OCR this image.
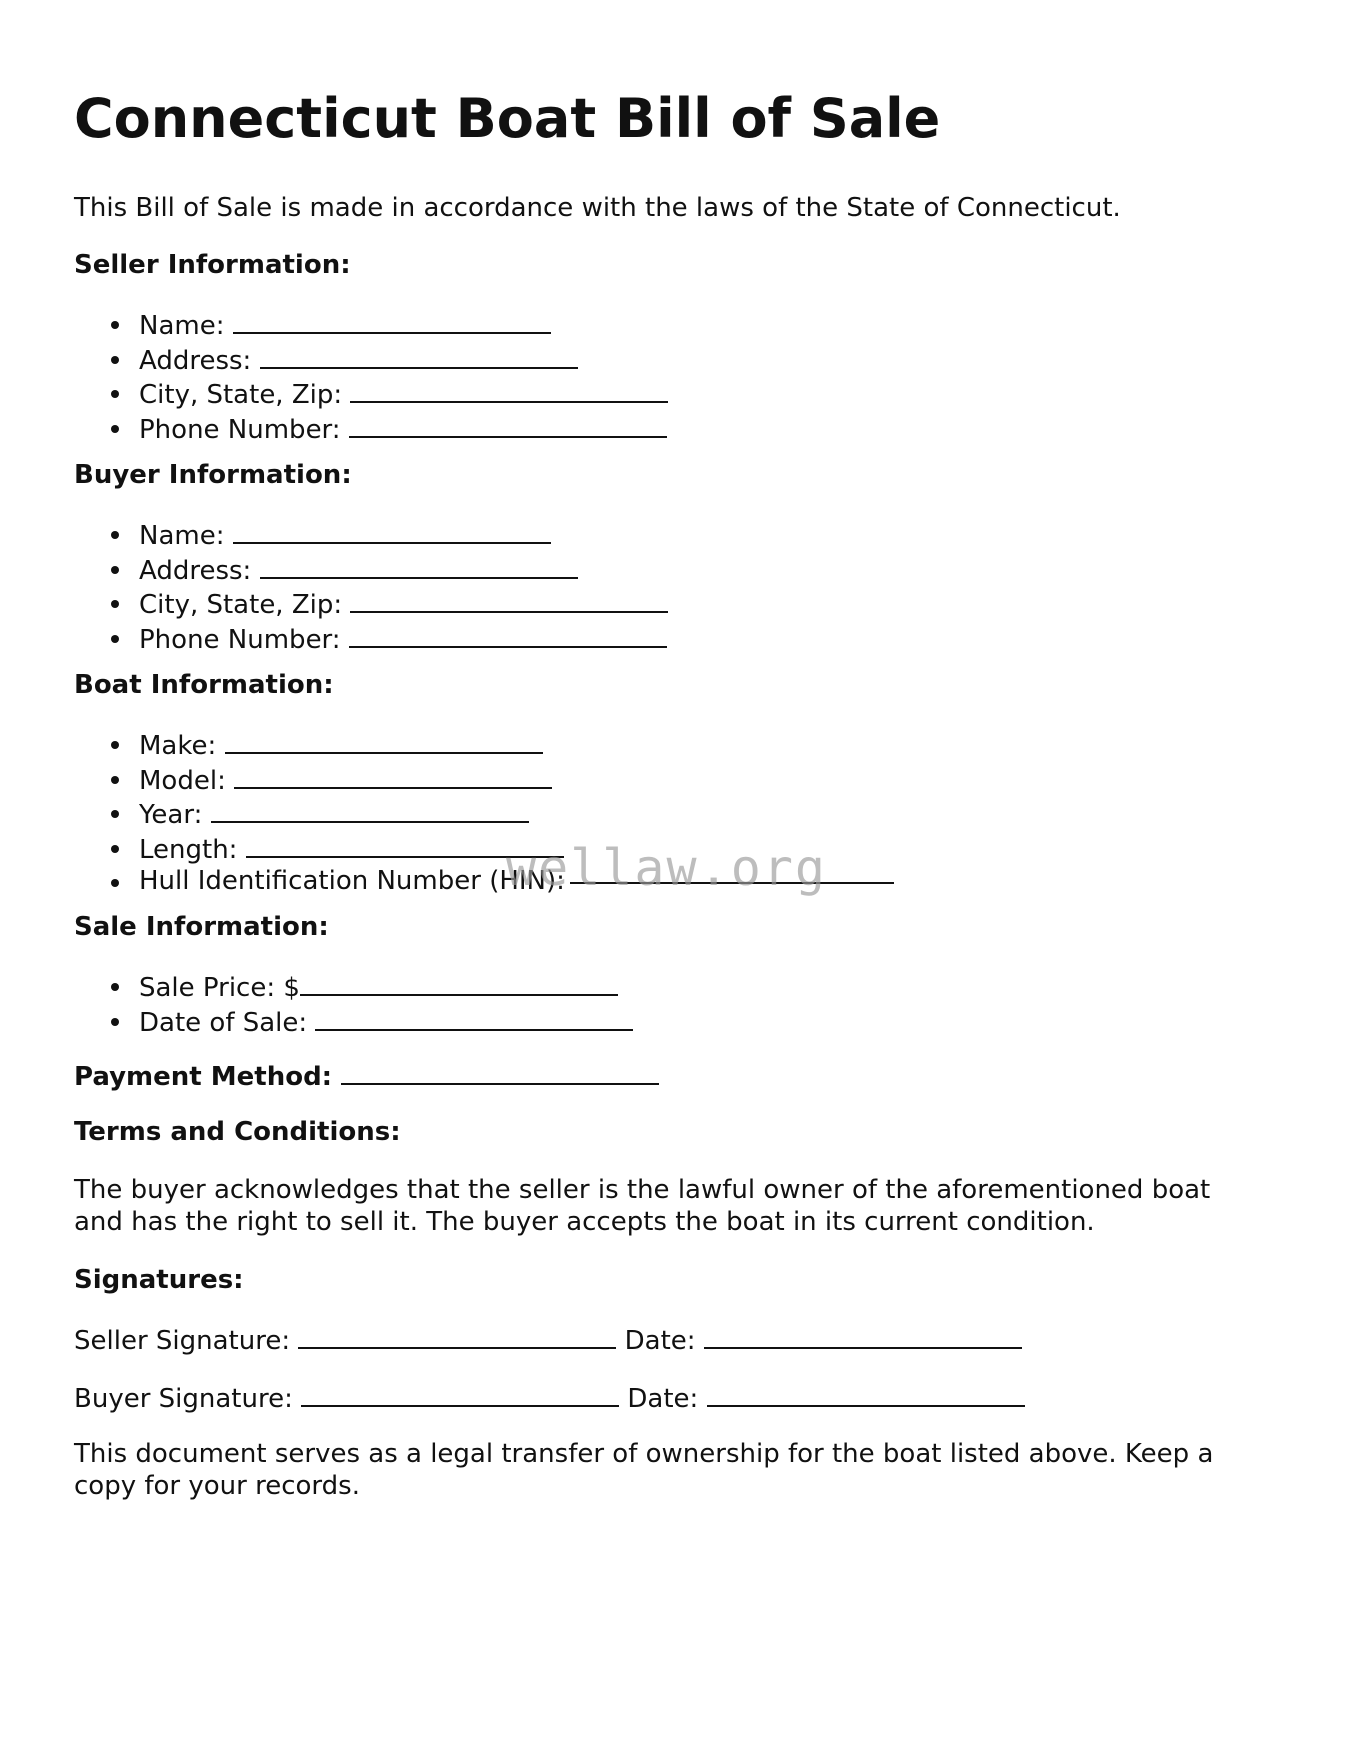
Connecticut Boat Bill of Sale

This Bill of Sale is made in accordance with the laws of the State of Connecticut.

Seller Information:

Name:
Address:
City, State, Zip:
Phone Number:

Buyer Information:

Name:
Address:
City, State, Zip:
Phone Number:

Boat Information:

Make:
Model:
Year:
Length:
Hull Identification Number (HIN):

Sale Information:

Sale Price: $
Date of Sale:

Payment Method:

Terms and Conditions:

The buyer acknowledges that the seller is the lawful owner of the aforementioned boat and has the right to sell it. The buyer accepts the boat in its current condition.

Signatures:

Seller Signature:	Date:

Buyer Signature:	Date:

This document serves as a legal transfer of ownership for the boat listed above. Keep a copy for your records.

wellaw.org
